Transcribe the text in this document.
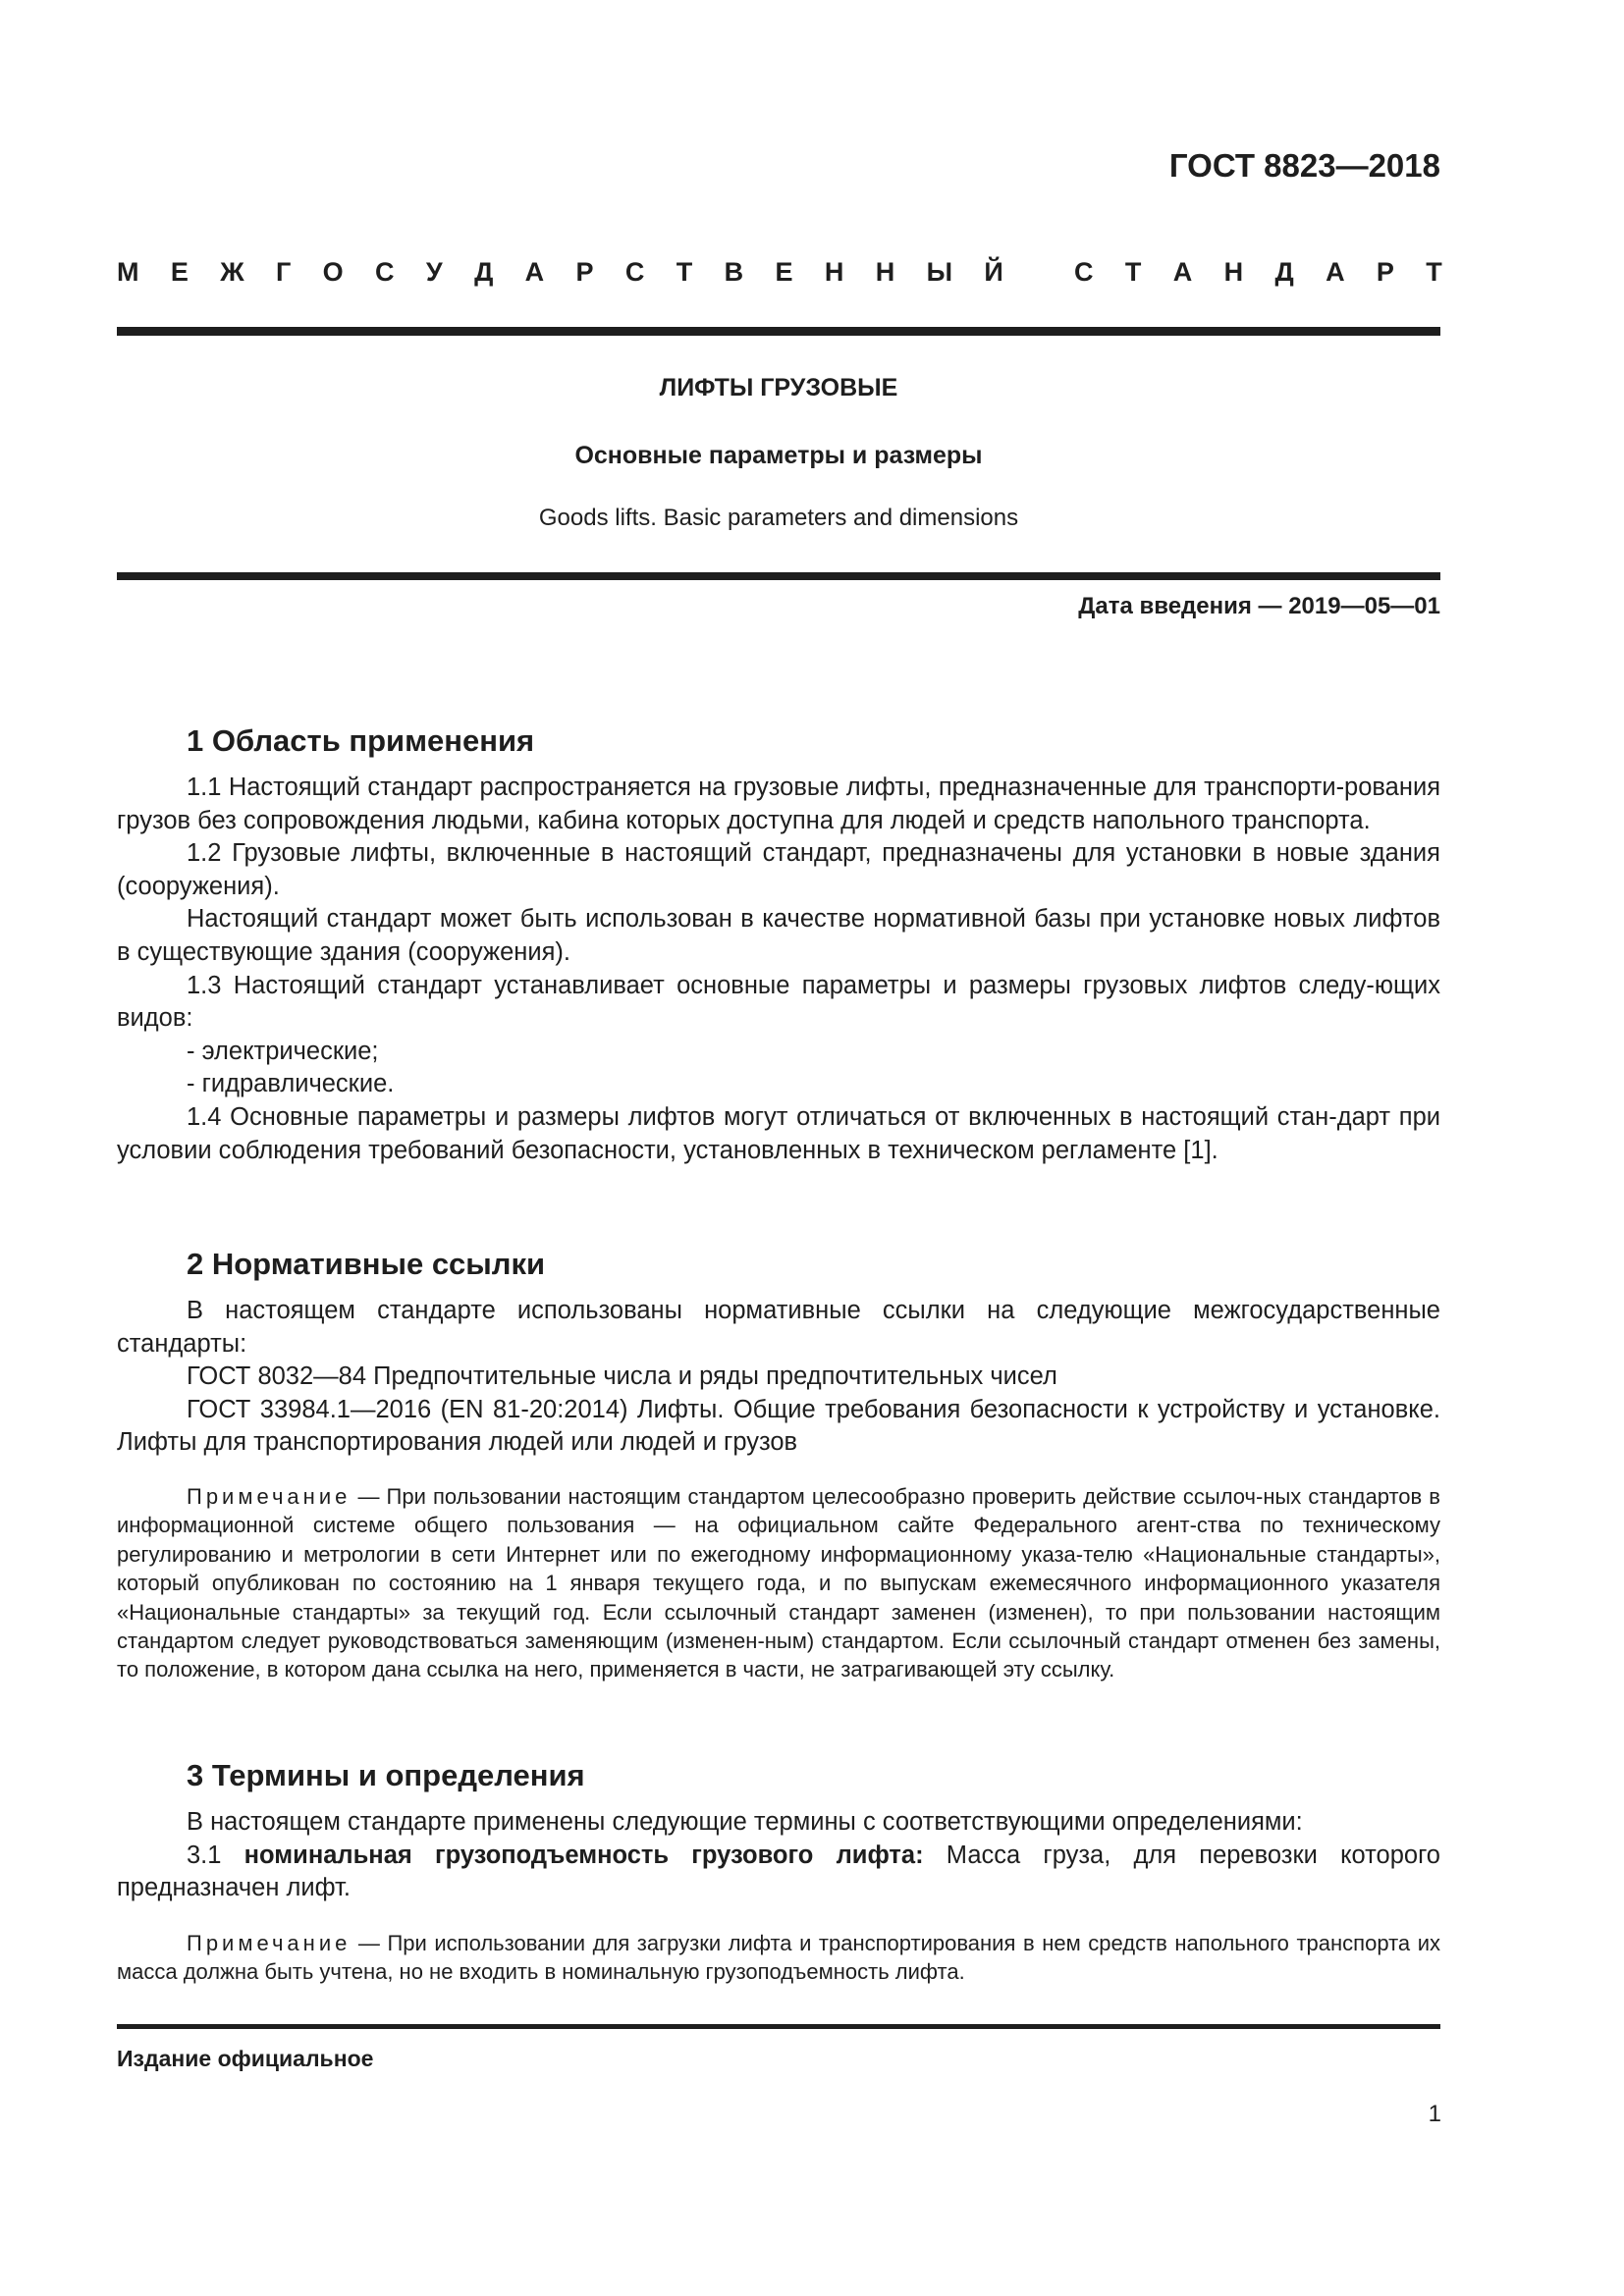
ГОСТ 8823—2018
М Е Ж Г О С У Д А Р С Т В Е Н Н Ы Й
	С Т А Н Д А Р Т
ЛИФТЫ ГРУЗОВЫЕ
Основные параметры и размеры
Goods lifts. Basic parameters and dimensions
Дата введения — 2019—05—01
1 Область применения

1.1 Настоящий стандарт распространяется на грузовые лифты, предназначенные для транспорти-рования грузов без сопровождения людьми, кабина которых доступна для людей и средств напольного транспорта.

1.2 Грузовые лифты, включенные в настоящий стандарт, предназначены для установки в новые здания (сооружения).

Настоящий стандарт может быть использован в качестве нормативной базы при установке новых лифтов в существующие здания (сооружения).

1.3 Настоящий стандарт устанавливает основные параметры и размеры грузовых лифтов следу-ющих видов:

- электрические;

- гидравлические.

1.4 Основные параметры и размеры лифтов могут отличаться от включенных в настоящий стан-дарт при условии соблюдения требований безопасности, установленных в техническом регламенте [1].

2 Нормативные ссылки

В настоящем стандарте использованы нормативные ссылки на следующие межгосударственные стандарты:

ГОСТ 8032—84 Предпочтительные числа и ряды предпочтительных чисел

ГОСТ 33984.1—2016 (EN 81-20:2014) Лифты. Общие требования безопасности к устройству и установке. Лифты для транспортирования людей или людей и грузов

Примечание — При пользовании настоящим стандартом целесообразно проверить действие ссылоч-ных стандартов в информационной системе общего пользования — на официальном сайте Федерального агент-ства по техническому регулированию и метрологии в сети Интернет или по ежегодному информационному указа-телю «Национальные стандарты», который опубликован по состоянию на 1 января текущего года, и по выпускам ежемесячного информационного указателя «Национальные стандарты» за текущий год. Если ссылочный стандарт заменен (изменен), то при пользовании настоящим стандартом следует руководствоваться заменяющим (изменен-ным) стандартом. Если ссылочный стандарт отменен без замены, то положение, в котором дана ссылка на него, применяется в части, не затрагивающей эту ссылку.

3 Термины и определения

В настоящем стандарте применены следующие термины с соответствующими определениями:

3.1 номинальная грузоподъемность грузового лифта: Масса груза, для перевозки которого предназначен лифт.

Примечание — При использовании для загрузки лифта и транспортирования в нем средств напольного транспорта их масса должна быть учтена, но не входить в номинальную грузоподъемность лифта.

Издание официальное
1
